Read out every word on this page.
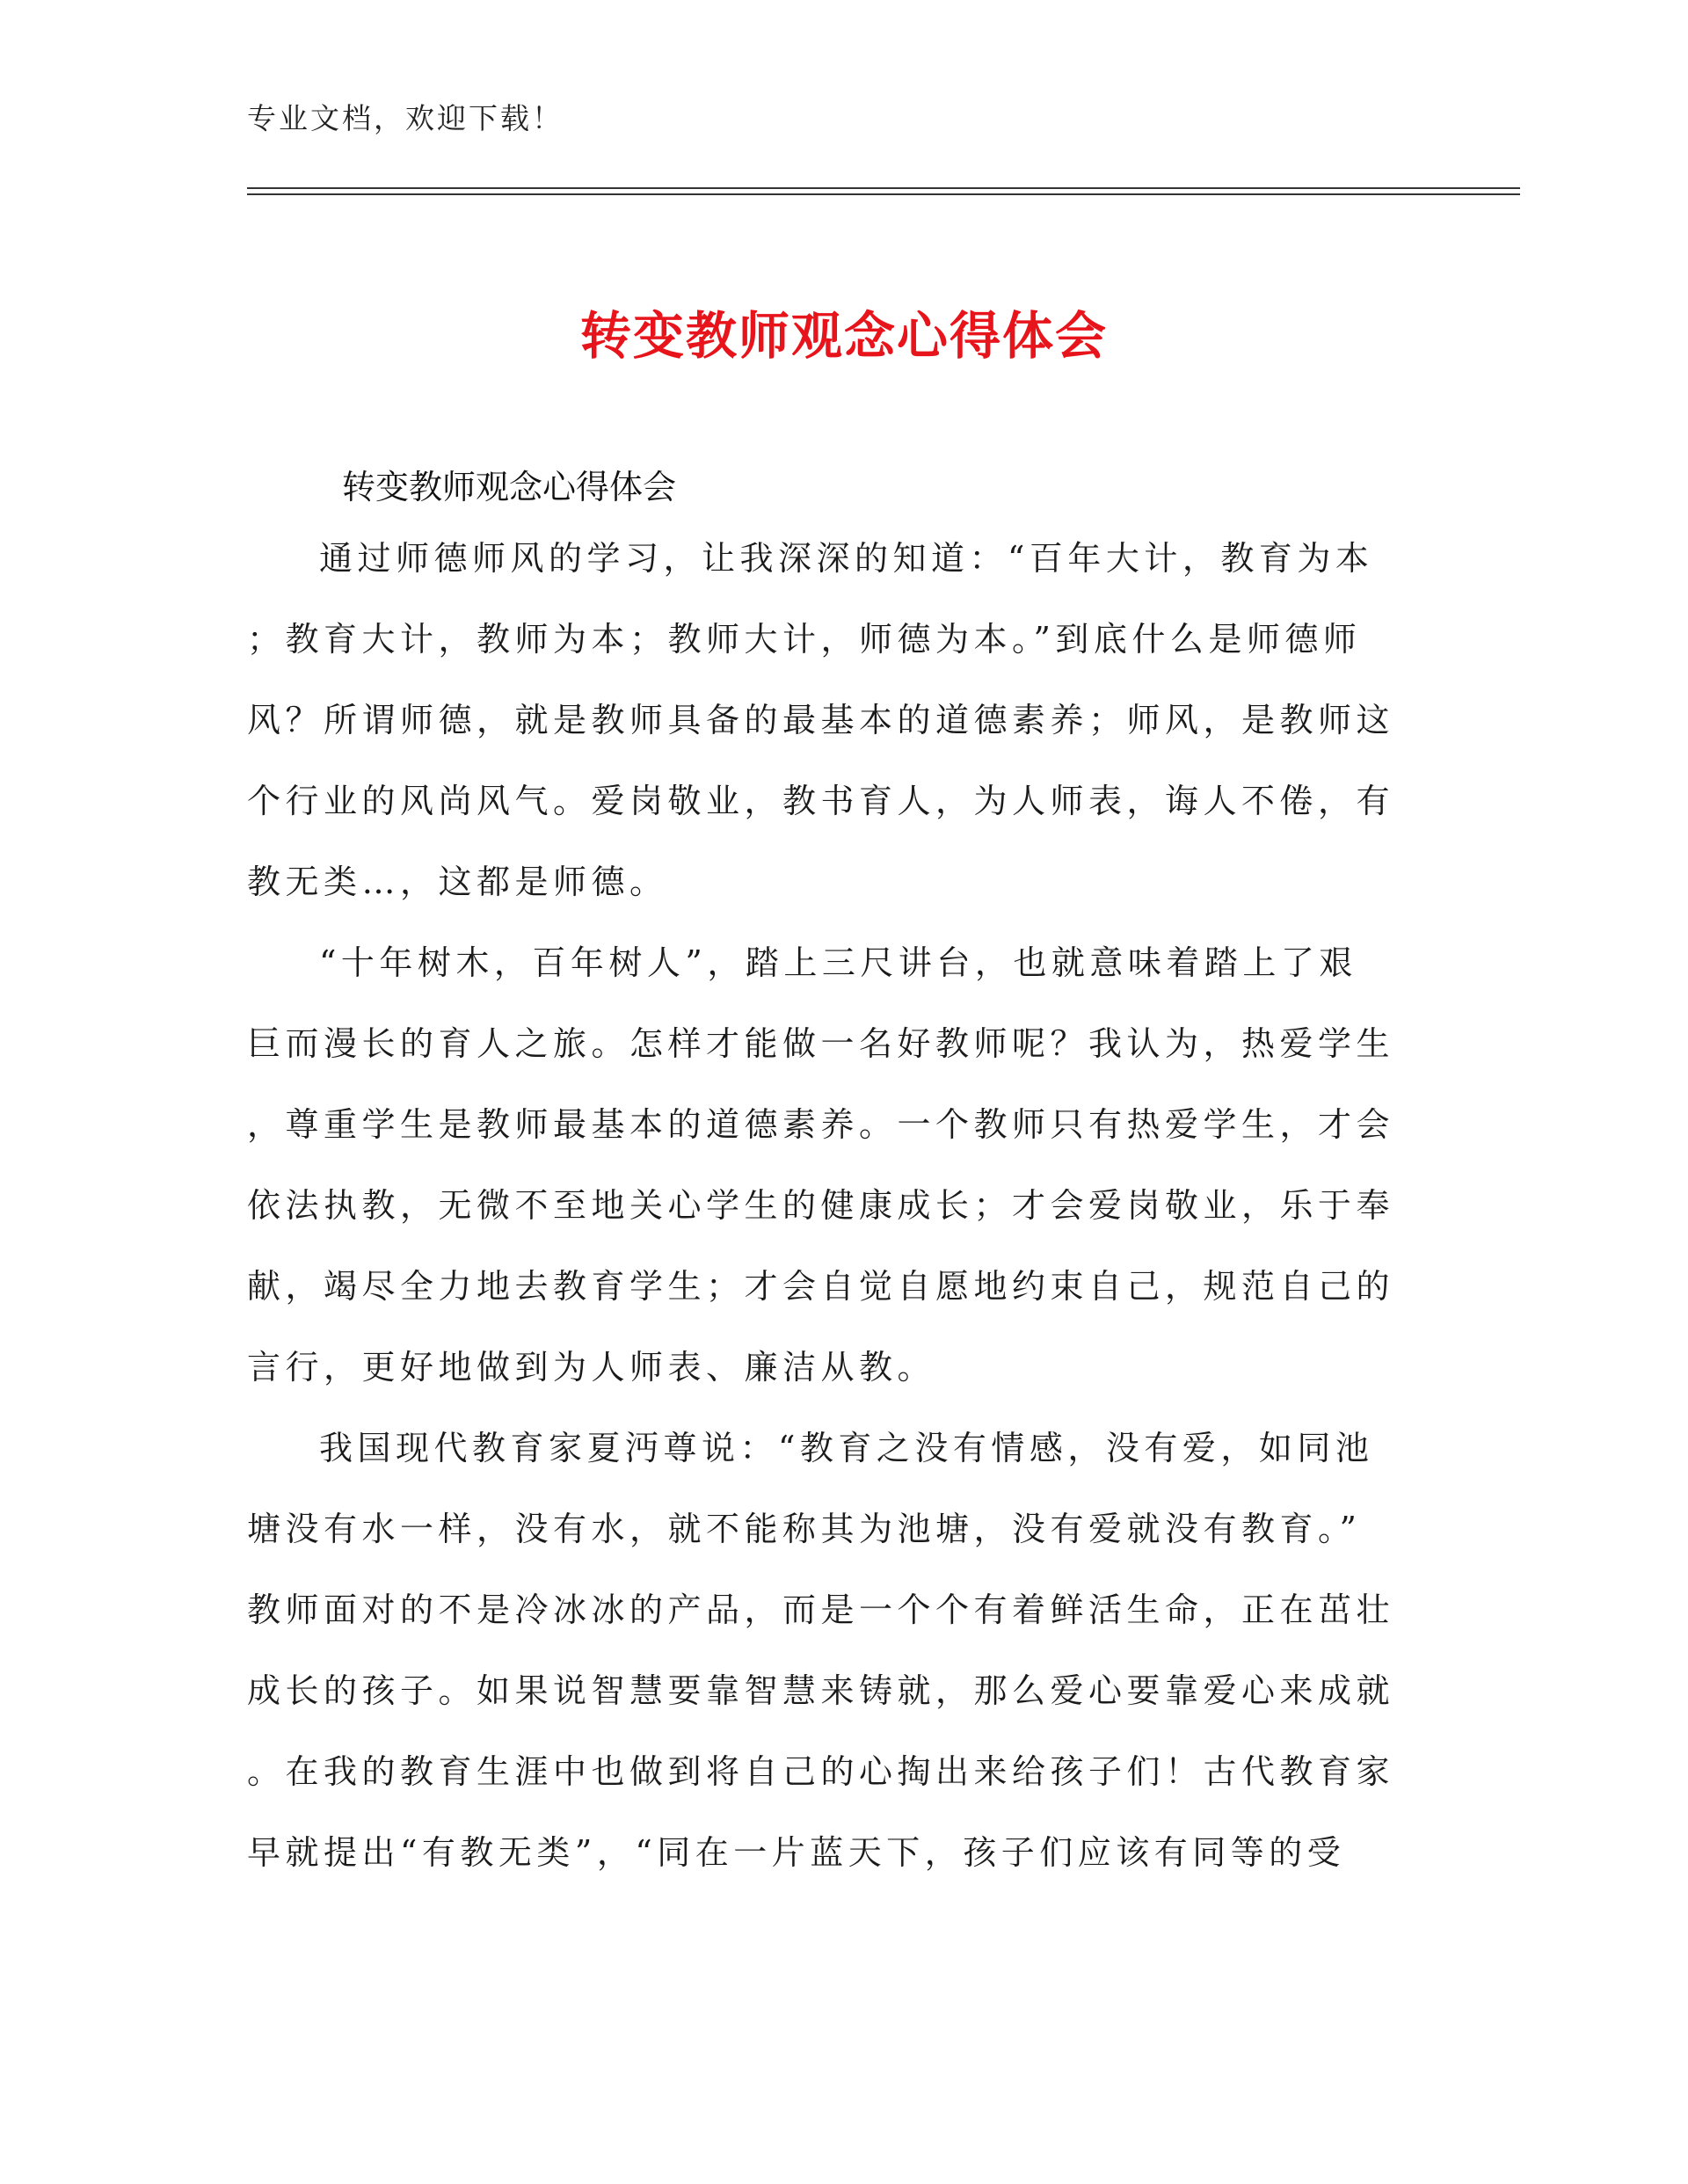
专业文档，欢迎下载！
转变教师观念心得体会
转变教师观念心得体会
通过师德师风的学习，让我深深的知道：“百年大计，教育为本
；教育大计，教师为本；教师大计，师德为本。”到底什么是师德师
风？所谓师德，就是教师具备的最基本的道德素养；师风，是教师这
个行业的风尚风气。爱岗敬业，教书育人，为人师表，诲人不倦，有
教无类…，这都是师德。
“十年树木，百年树人”，踏上三尺讲台，也就意味着踏上了艰
巨而漫长的育人之旅。怎样才能做一名好教师呢？我认为，热爱学生
，尊重学生是教师最基本的道德素养。一个教师只有热爱学生，才会
依法执教，无微不至地关心学生的健康成长；才会爱岗敬业，乐于奉
献，竭尽全力地去教育学生；才会自觉自愿地约束自己，规范自己的
言行，更好地做到为人师表、廉洁从教。
我国现代教育家夏沔尊说：“教育之没有情感，没有爱，如同池
塘没有水一样，没有水，就不能称其为池塘，没有爱就没有教育。”
教师面对的不是冷冰冰的产品，而是一个个有着鲜活生命，正在茁壮
成长的孩子。如果说智慧要靠智慧来铸就，那么爱心要靠爱心来成就
。在我的教育生涯中也做到将自己的心掏出来给孩子们！古代教育家
早就提出“有教无类”，“同在一片蓝天下，孩子们应该有同等的受
